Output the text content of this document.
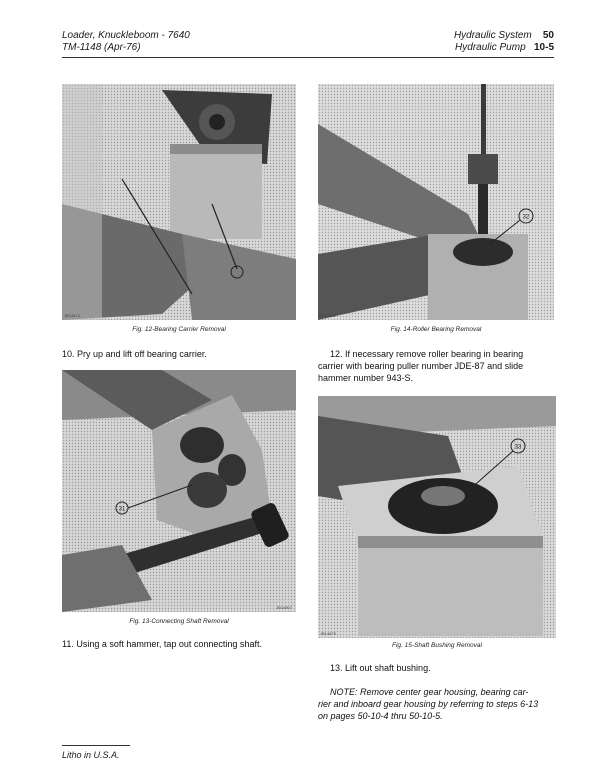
Loader, Knuckleboom - 7640
TM-1148 (Apr-76)
Hydraulic System 50
Hydraulic Pump 10-5
JB14874
Fig. 12-Bearing Carrier Removal
10. Pry up and lift off bearing carrier.
31
JB14807
Fig. 13-Connecting Shaft Removal
11. Using a soft hammer, tap out connecting shaft.
32
JB14882
Fig. 14-Roller Bearing Removal
12. If necessary remove roller bearing in bearing
carrier with bearing puller number JDE-87 and slide
hammer number 943-S.
33
JB14875
Fig. 15-Shaft Bushing Removal
13. Lift out shaft bushing.
NOTE: Remove center gear housing, bearing car-
rier and inboard gear housing by referring to steps 6-13
on pages 50-10-4 thru 50-10-5.
Litho in U.S.A.
